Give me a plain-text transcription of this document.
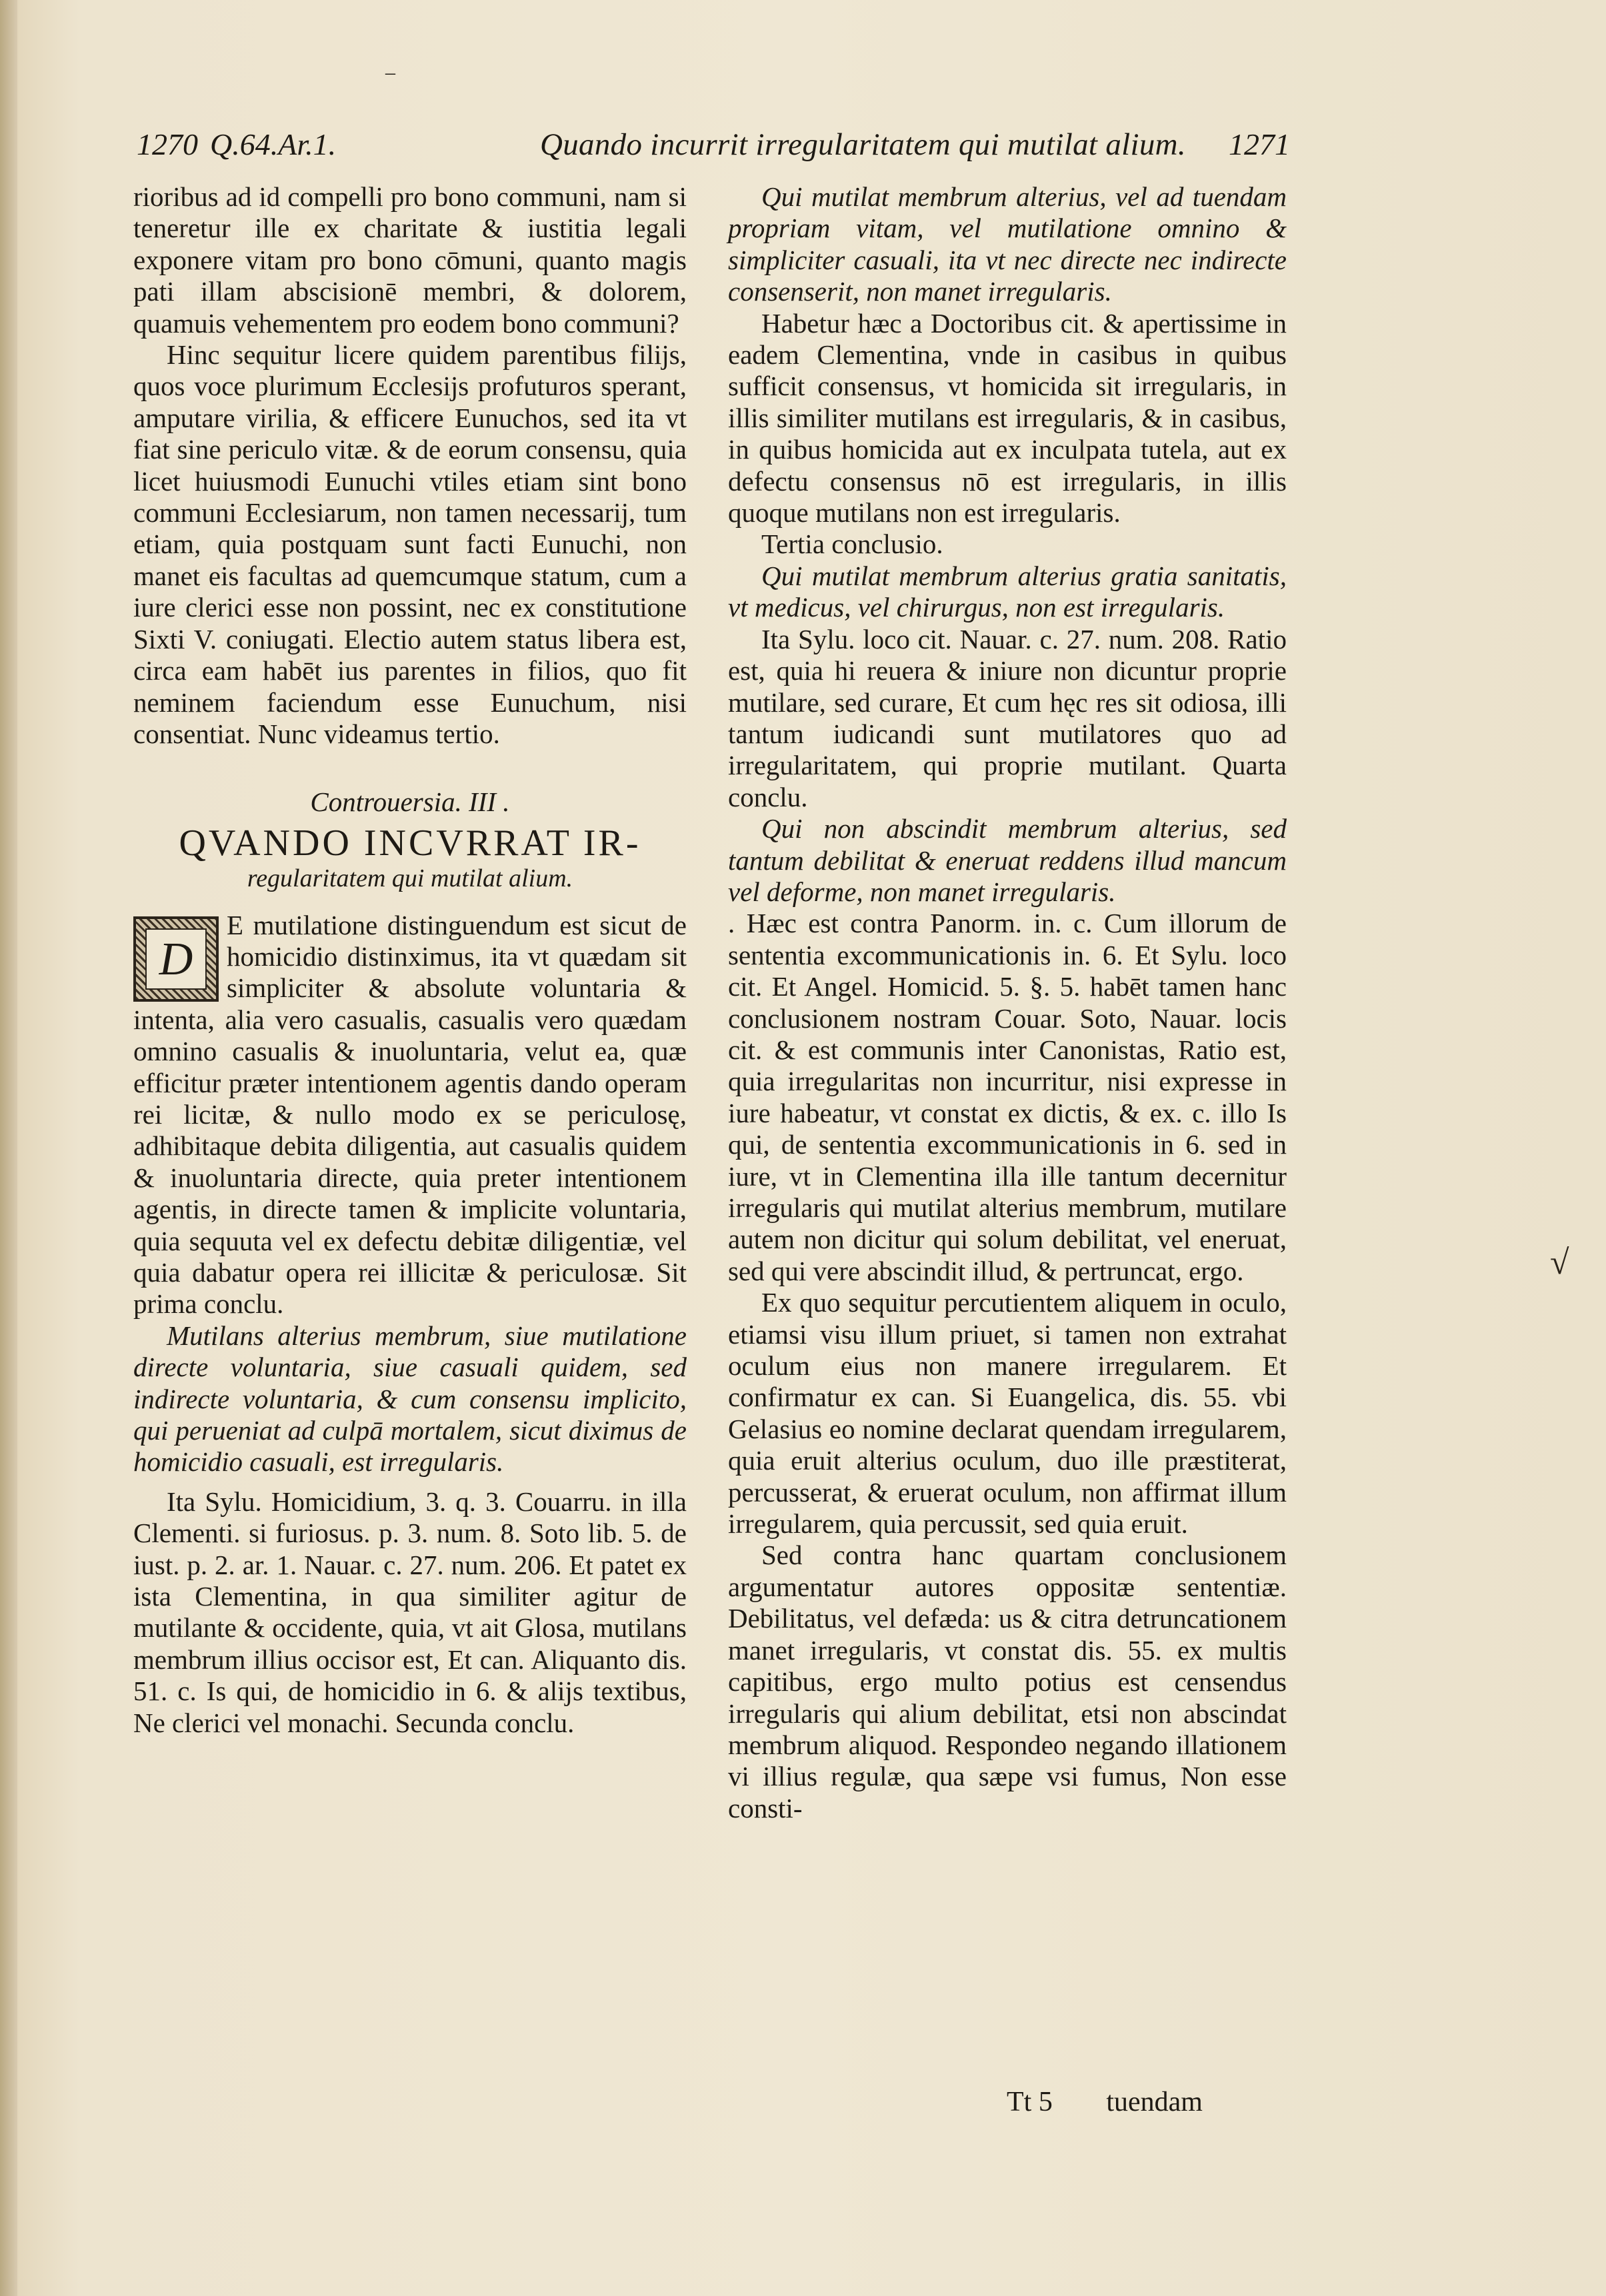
–
1270 Q.64.Ar.1.	Quando incurrit irregularitatem qui mutilat alium. 1271

rioribus ad id compelli pro bono communi, nam si teneretur ille ex charitate & iustitia legali exponere vitam pro bono cōmuni, quanto magis pati illam abscisionē membri, & dolorem, quamuis vehementem pro eodem bono communi?

Hinc sequitur licere quidem parentibus filijs, quos voce plurimum Ecclesijs profuturos sperant, amputare virilia, & efficere Eunuchos, sed ita vt fiat sine periculo vitæ. & de eorum consensu, quia licet huiusmodi Eunuchi vtiles etiam sint bono communi Ecclesiarum, non tamen necessarij, tum etiam, quia postquam sunt facti Eunuchi, non manet eis facultas ad quemcumque statum, cum a iure clerici esse non possint, nec ex constitutione Sixti V. coniugati. Electio autem status libera est, circa eam habēt ius parentes in filios, quo fit neminem faciendum esse Eunuchum, nisi consentiat. Nunc videamus tertio.

Controuersia. III .

QVANDO INCVRRAT IR-

regularitatem qui mutilat alium.

D

E mutilatione distinguendum est sicut de homicidio distinximus, ita vt quædam sit simpliciter & absolute voluntaria & intenta, alia vero casualis, casualis vero quædam omnino casualis & inuoluntaria, velut ea, quæ efficitur præter intentionem agentis dando operam rei licitæ, & nullo modo ex se periculosę, adhibitaque debita diligentia, aut casualis quidem & inuoluntaria directe, quia preter intentionem agentis, in directe tamen & implicite voluntaria, quia sequuta vel ex defectu debitæ diligentiæ, vel quia dabatur opera rei illicitæ & periculosæ. Sit prima conclu.

Mutilans alterius membrum, siue mutilatione directe voluntaria, siue casuali quidem, sed indirecte voluntaria, & cum consensu implicito, qui perueniat ad culpā mortalem, sicut diximus de homicidio casuali, est irregularis.

Ita Sylu. Homicidium, 3. q. 3. Couarru. in illa Clementi. si furiosus. p. 3. num. 8. Soto lib. 5. de iust. p. 2. ar. 1. Nauar. c. 27. num. 206. Et patet ex ista Clementina, in qua similiter agitur de mutilante & occidente, quia, vt ait Glosa, mutilans membrum illius occisor est, Et can. Aliquanto dis. 51. c. Is qui, de homicidio in 6. & alijs textibus, Ne clerici vel monachi. Secunda conclu.

Qui mutilat membrum alterius, vel ad tuendam propriam vitam, vel mutilatione omnino & simpliciter casuali, ita vt nec directe nec indirecte consenserit, non manet irregularis.

Habetur hæc a Doctoribus cit. & apertissime in eadem Clementina, vnde in casibus in quibus sufficit consensus, vt homicida sit irregularis, in illis similiter mutilans est irregularis, & in casibus, in quibus homicida aut ex inculpata tutela, aut ex defectu consensus nō est irregularis, in illis quoque mutilans non est irregularis.

Tertia conclusio.

Qui mutilat membrum alterius gratia sanitatis, vt medicus, vel chirurgus, non est irregularis.

Ita Sylu. loco cit. Nauar. c. 27. num. 208. Ratio est, quia hi reuera & iniure non dicuntur proprie mutilare, sed curare, Et cum hęc res sit odiosa, illi tantum iudicandi sunt mutilatores quo ad irregularitatem, qui proprie mutilant. Quarta conclu.

Qui non abscindit membrum alterius, sed tantum debilitat & eneruat reddens illud mancum vel deforme, non manet irregularis.

. Hæc est contra Panorm. in. c. Cum illorum de sententia excommunicationis in. 6. Et Sylu. loco cit. Et Angel. Homicid. 5. §. 5. habēt tamen hanc conclusionem nostram Couar. Soto, Nauar. locis cit. & est communis inter Canonistas, Ratio est, quia irregularitas non incurritur, nisi expresse in iure habeatur, vt constat ex dictis, & ex. c. illo Is qui, de sententia excommunicationis in 6. sed in iure, vt in Clementina illa ille tantum decernitur irregularis qui mutilat alterius membrum, mutilare autem non dicitur qui solum debilitat, vel eneruat, sed qui vere abscindit illud, & pertruncat, ergo.

Ex quo sequitur percutientem aliquem in oculo, etiamsi visu illum priuet, si tamen non extrahat oculum eius non manere irregularem. Et confirmatur ex can. Si Euangelica, dis. 55. vbi Gelasius eo nomine declarat quendam irregularem, quia eruit alterius oculum, duo ille præstiterat, percusserat, & eruerat oculum, non affirmat illum irregularem, quia percussit, sed quia eruit.

Sed contra hanc quartam conclusionem argumentatur autores oppositæ sententiæ. Debilitatus, vel defæda: us & citra detruncationem manet irregularis, vt constat dis. 55. ex multis capitibus, ergo multo potius est censendus irregularis qui alium debilitat, etsi non abscindat membrum aliquod. Respondeo negando illationem vi illius regulæ, qua sæpe vsi fumus, Non esse consti-

Tt 5 tuendam
√
